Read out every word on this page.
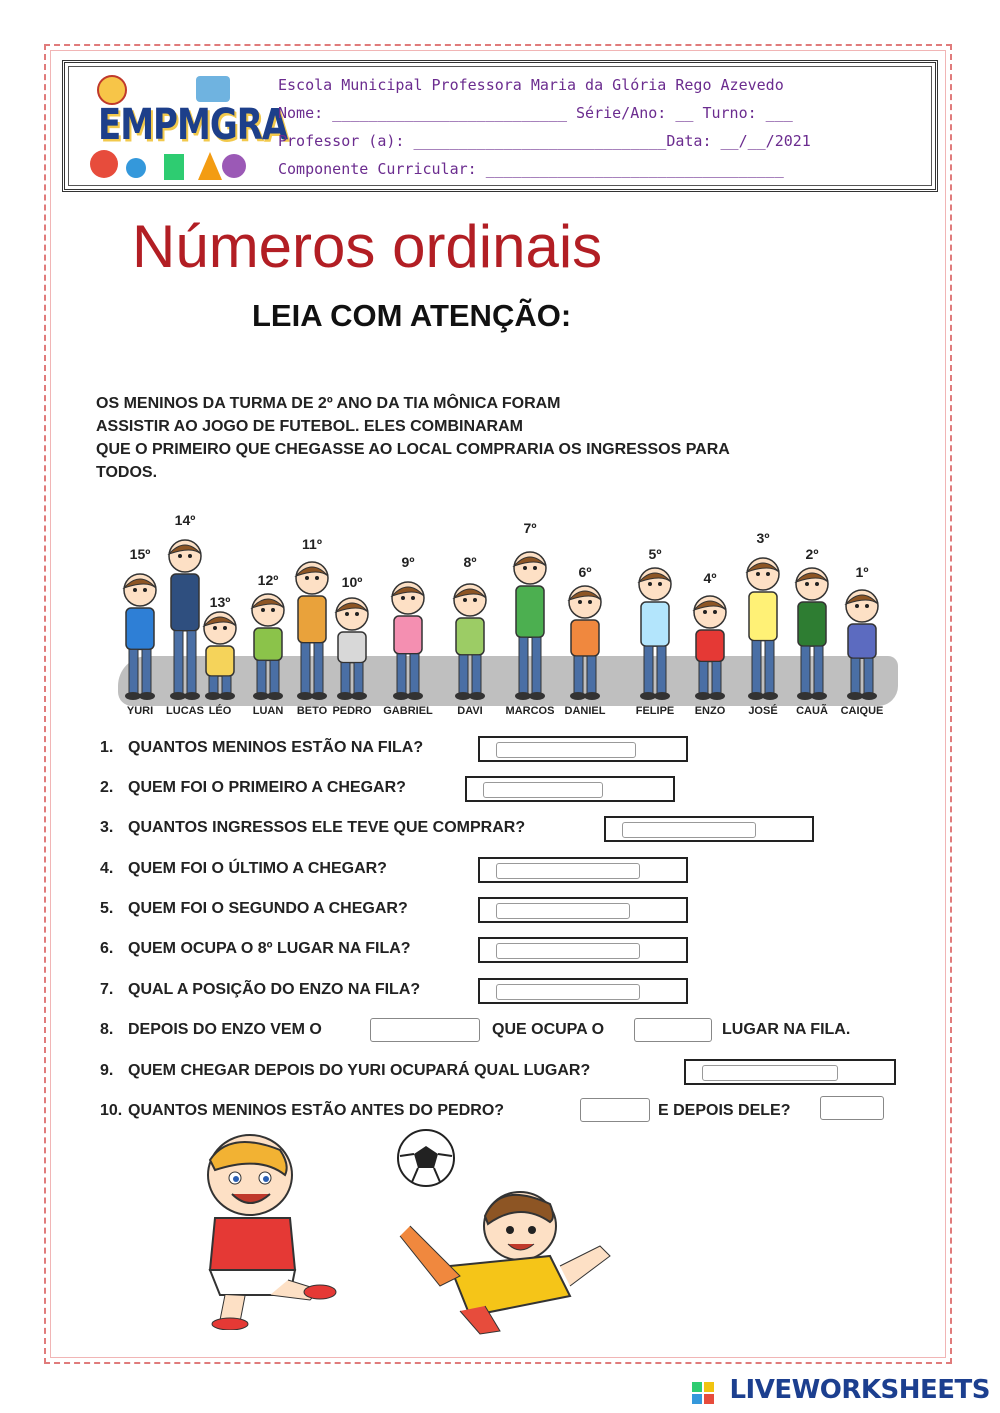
EMPMGRA
Escola Municipal Professora Maria da Glória Rego Azevedo
Nome: __________________________ Série/Ano: __ Turno: ___
Professor (a): ____________________________Data: __/__/2021
Componente Curricular: _________________________________
Números ordinais
LEIA COM ATENÇÃO:
OS MENINOS DA TURMA DE 2º ANO DA TIA MÔNICA FORAM
ASSISTIR AO JOGO DE FUTEBOL. ELES COMBINARAM
QUE O PRIMEIRO QUE CHEGASSE AO LOCAL COMPRARIA OS INGRESSOS PARA
TODOS.
15º
YURI
14º
LUCAS
13º
LÉO
12º
LUAN
11º
BETO
10º
PEDRO
9º
GABRIEL
8º
DAVI
7º
MARCOS
6º
DANIEL
5º
FELIPE
4º
ENZO
3º
JOSÉ
2º
CAUÃ
1º
CAIQUE
1. QUANTOS MENINOS ESTÃO NA FILA?
2. QUEM FOI O PRIMEIRO A CHEGAR?
3. QUANTOS INGRESSOS ELE TEVE QUE COMPRAR?
4. QUEM FOI O ÚLTIMO A CHEGAR?
5. QUEM FOI O SEGUNDO A CHEGAR?
6. QUEM OCUPA O 8º LUGAR NA FILA?
7. QUAL A POSIÇÃO DO ENZO NA FILA?
8. DEPOIS DO ENZO VEM O
9. QUEM CHEGAR DEPOIS DO YURI OCUPARÁ QUAL LUGAR?
10. QUANTOS MENINOS ESTÃO ANTES DO PEDRO?
QUE OCUPA O	LUGAR NA FILA.
E DEPOIS DELE?
LIVEWORKSHEETS
